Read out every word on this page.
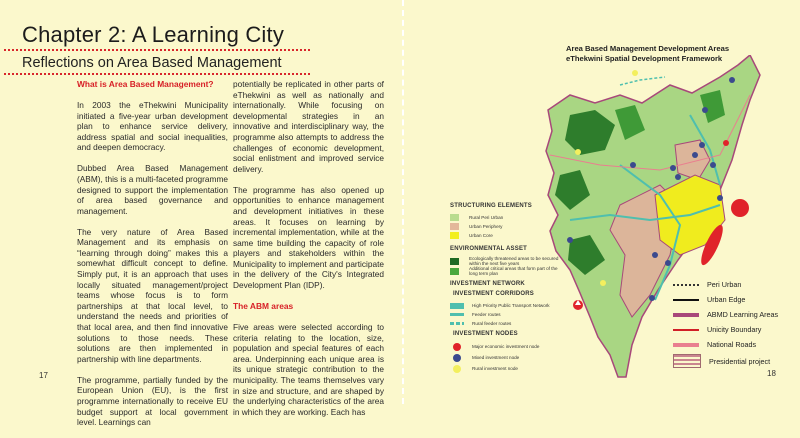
Chapter 2: A Learning City
Reflections on Area Based Management

What is Area Based Management?

In 2003 the eThekwini Municipality initiated a five-year urban development plan to enhance service delivery, address spatial and social inequalities, and deepen democracy.

Dubbed Area Based Management (ABM), this is a multi-faceted programme designed to support the implementation of area based governance and management.

The very nature of Area Based Management and its emphasis on “learning through doing” makes this a somewhat difficult concept to define. Simply put, it is an approach that uses locally situated management/project teams whose focus is to form partnerships at that local level, to understand the needs and priorities of that local area, and then find innovative solutions to those needs. These solutions are then implemented in partnership with line departments.

The programme, partially funded by the European Union (EU), is the first programme internationally to receive EU budget support at local government level. Learnings can

potentially be replicated in other parts of eThekwini as well as nationally and internationally. While focusing on developmental strategies in an innovative and interdisciplinary way, the programme also attempts to address the challenges of economic development, social enlistment and improved service delivery.

The programme has also opened up opportunities to enhance management and development initiatives in these areas. It focuses on learning by incremental implementation, while at the same time building the capacity of role players and stakeholders within the Municipality to implement and participate in the delivery of the City's Integrated Development Plan (IDP).

The ABM areas

Five areas were selected according to criteria relating to the location, size, population and special features of each area. Underpinning each unique area is its unique strategic contribution to the municipality. The teams themselves vary in size and structure, and are shaped by the underlying characteristics of the area in which they are working. Each has

17
Area Based Management Development Areas
eThekwini Spatial Development Framework
STRUCTURING ELEMENTS
Rural Peri Urban
Urban Periphery
Urban Core
ENVIRONMENTAL ASSET
Ecologically threatened areas to be secured within the next five years
Additional critical areas that form part of the long term plan
INVESTMENT NETWORK
INVESTMENT CORRIDORS
High Priority Public Transport Network
Feeder routes
Rural feeder routes
INVESTMENT NODES
Major economic investment node
Mixed investment node
Rural investment node
Peri Urban
Urban Edge
ABMD Learning Areas
Unicity Boundary
National Roads
Presidential project
18
